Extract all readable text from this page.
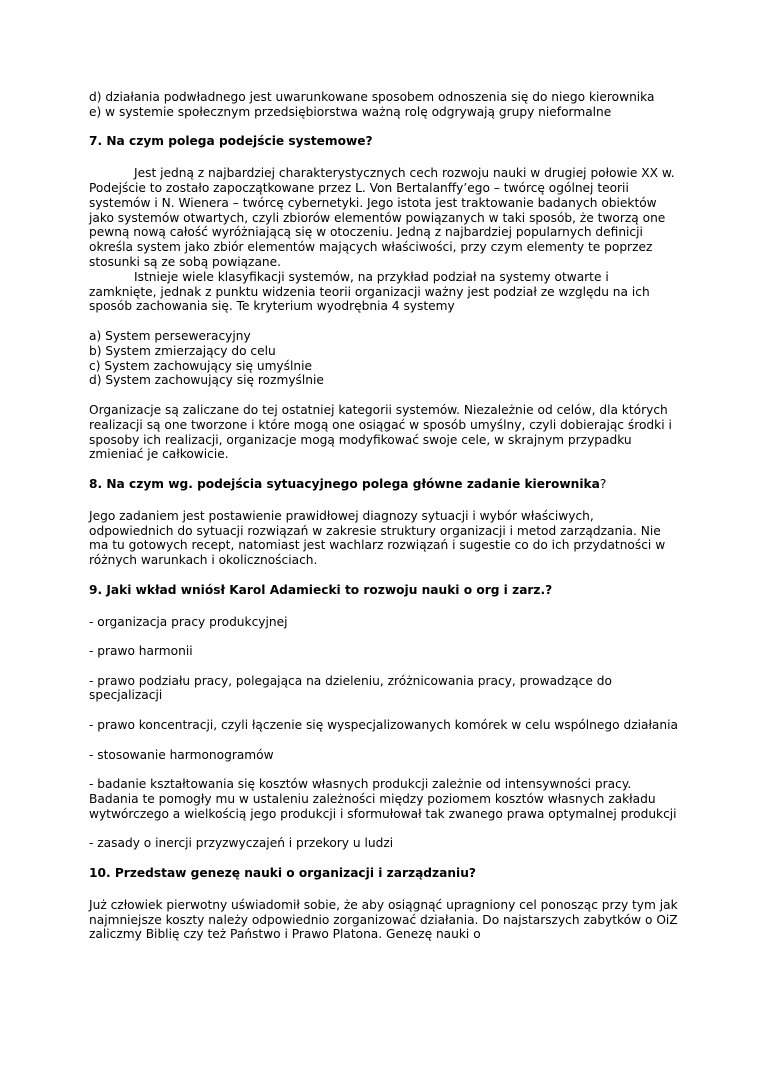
d) działania podwładnego jest uwarunkowane sposobem odnoszenia się do niego kierownika

e) w systemie społecznym przedsiębiorstwa ważną rolę odgrywają grupy nieformalne

7. Na czym polega podejście systemowe?

Jest jedną z najbardziej charakterystycznych cech rozwoju nauki w drugiej połowie XX w. Podejście to zostało zapoczątkowane przez L. Von Bertalanffy’ego – twórcę ogólnej teorii systemów i N. Wienera – twórcę cybernetyki. Jego istota jest traktowanie badanych obiektów jako systemów otwartych, czyli zbiorów elementów powiązanych w taki sposób, że tworzą one pewną nową całość wyróżniającą się w otoczeniu. Jedną z najbardziej popularnych definicji określa system jako zbiór elementów mających właściwości, przy czym elementy te poprzez stosunki są ze sobą powiązane.

Istnieje wiele klasyfikacji systemów, na przykład podział na systemy otwarte i zamknięte, jednak z punktu widzenia teorii organizacji ważny jest podział ze względu na ich sposób zachowania się. Te kryterium wyodrębnia 4 systemy

a) System perseweracyjny

b) System zmierzający do celu

c) System zachowujący się umyślnie

d) System zachowujący się rozmyślnie

Organizacje są zaliczane do tej ostatniej kategorii systemów. Niezależnie od celów, dla których realizacji są one tworzone i które mogą one osiągać w sposób umyślny, czyli dobierając środki i sposoby ich realizacji, organizacje mogą modyfikować swoje cele, w skrajnym przypadku zmieniać je całkowicie.

8. Na czym wg. podejścia sytuacyjnego polega główne zadanie kierownika?

Jego zadaniem jest postawienie prawidłowej diagnozy sytuacji i wybór właściwych, odpowiednich do sytuacji rozwiązań w zakresie struktury organizacji i metod zarządzania. Nie ma tu gotowych recept, natomiast jest wachlarz rozwiązań i sugestie co do ich przydatności w różnych warunkach i okolicznościach.

9. Jaki wkład wniósł Karol Adamiecki to rozwoju nauki o org i zarz.?

- organizacja pracy produkcyjnej

- prawo harmonii

- prawo podziału pracy, polegająca na dzieleniu, zróżnicowania pracy, prowadzące do specjalizacji

- prawo koncentracji, czyli łączenie się wyspecjalizowanych komórek w celu wspólnego działania

- stosowanie harmonogramów

- badanie kształtowania się kosztów własnych produkcji zależnie od intensywności pracy. Badania te pomogły mu w ustaleniu zależności między poziomem kosztów własnych zakładu wytwórczego a wielkością jego produkcji i sformułował tak zwanego prawa optymalnej produkcji

- zasady o inercji przyzwyczajeń i przekory u ludzi

10. Przedstaw genezę nauki o organizacji i zarządzaniu?

Już człowiek pierwotny uświadomił sobie, że aby osiągnąć upragniony cel ponosząc przy tym jak najmniejsze koszty należy odpowiednio zorganizować działania. Do najstarszych zabytków o OiZ zaliczmy Biblię czy też Państwo i Prawo Platona. Genezę nauki o
